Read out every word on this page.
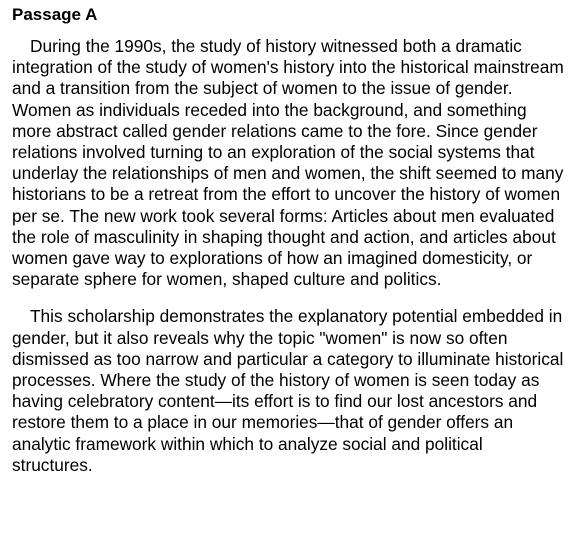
Passage A

During the 1990s, the study of history witnessed both a dramatic integration of the study of women's history into the historical mainstream and a transition from the subject of women to the issue of gender. Women as individuals receded into the background, and something more abstract called gender relations came to the fore. Since gender relations involved turning to an exploration of the social systems that underlay the relationships of men and women, the shift seemed to many historians to be a retreat from the effort to uncover the history of women per se. The new work took several forms: Articles about men evaluated the role of masculinity in shaping thought and action, and articles about women gave way to explorations of how an imagined domesticity, or separate sphere for women, shaped culture and politics.

This scholarship demonstrates the explanatory potential embedded in gender, but it also reveals why the topic "women" is now so often dismissed as too narrow and particular a category to illuminate historical processes. Where the study of the history of women is seen today as having celebratory content—its effort is to find our lost ancestors and restore them to a place in our memories—that of gender offers an analytic framework within which to analyze social and political structures.
